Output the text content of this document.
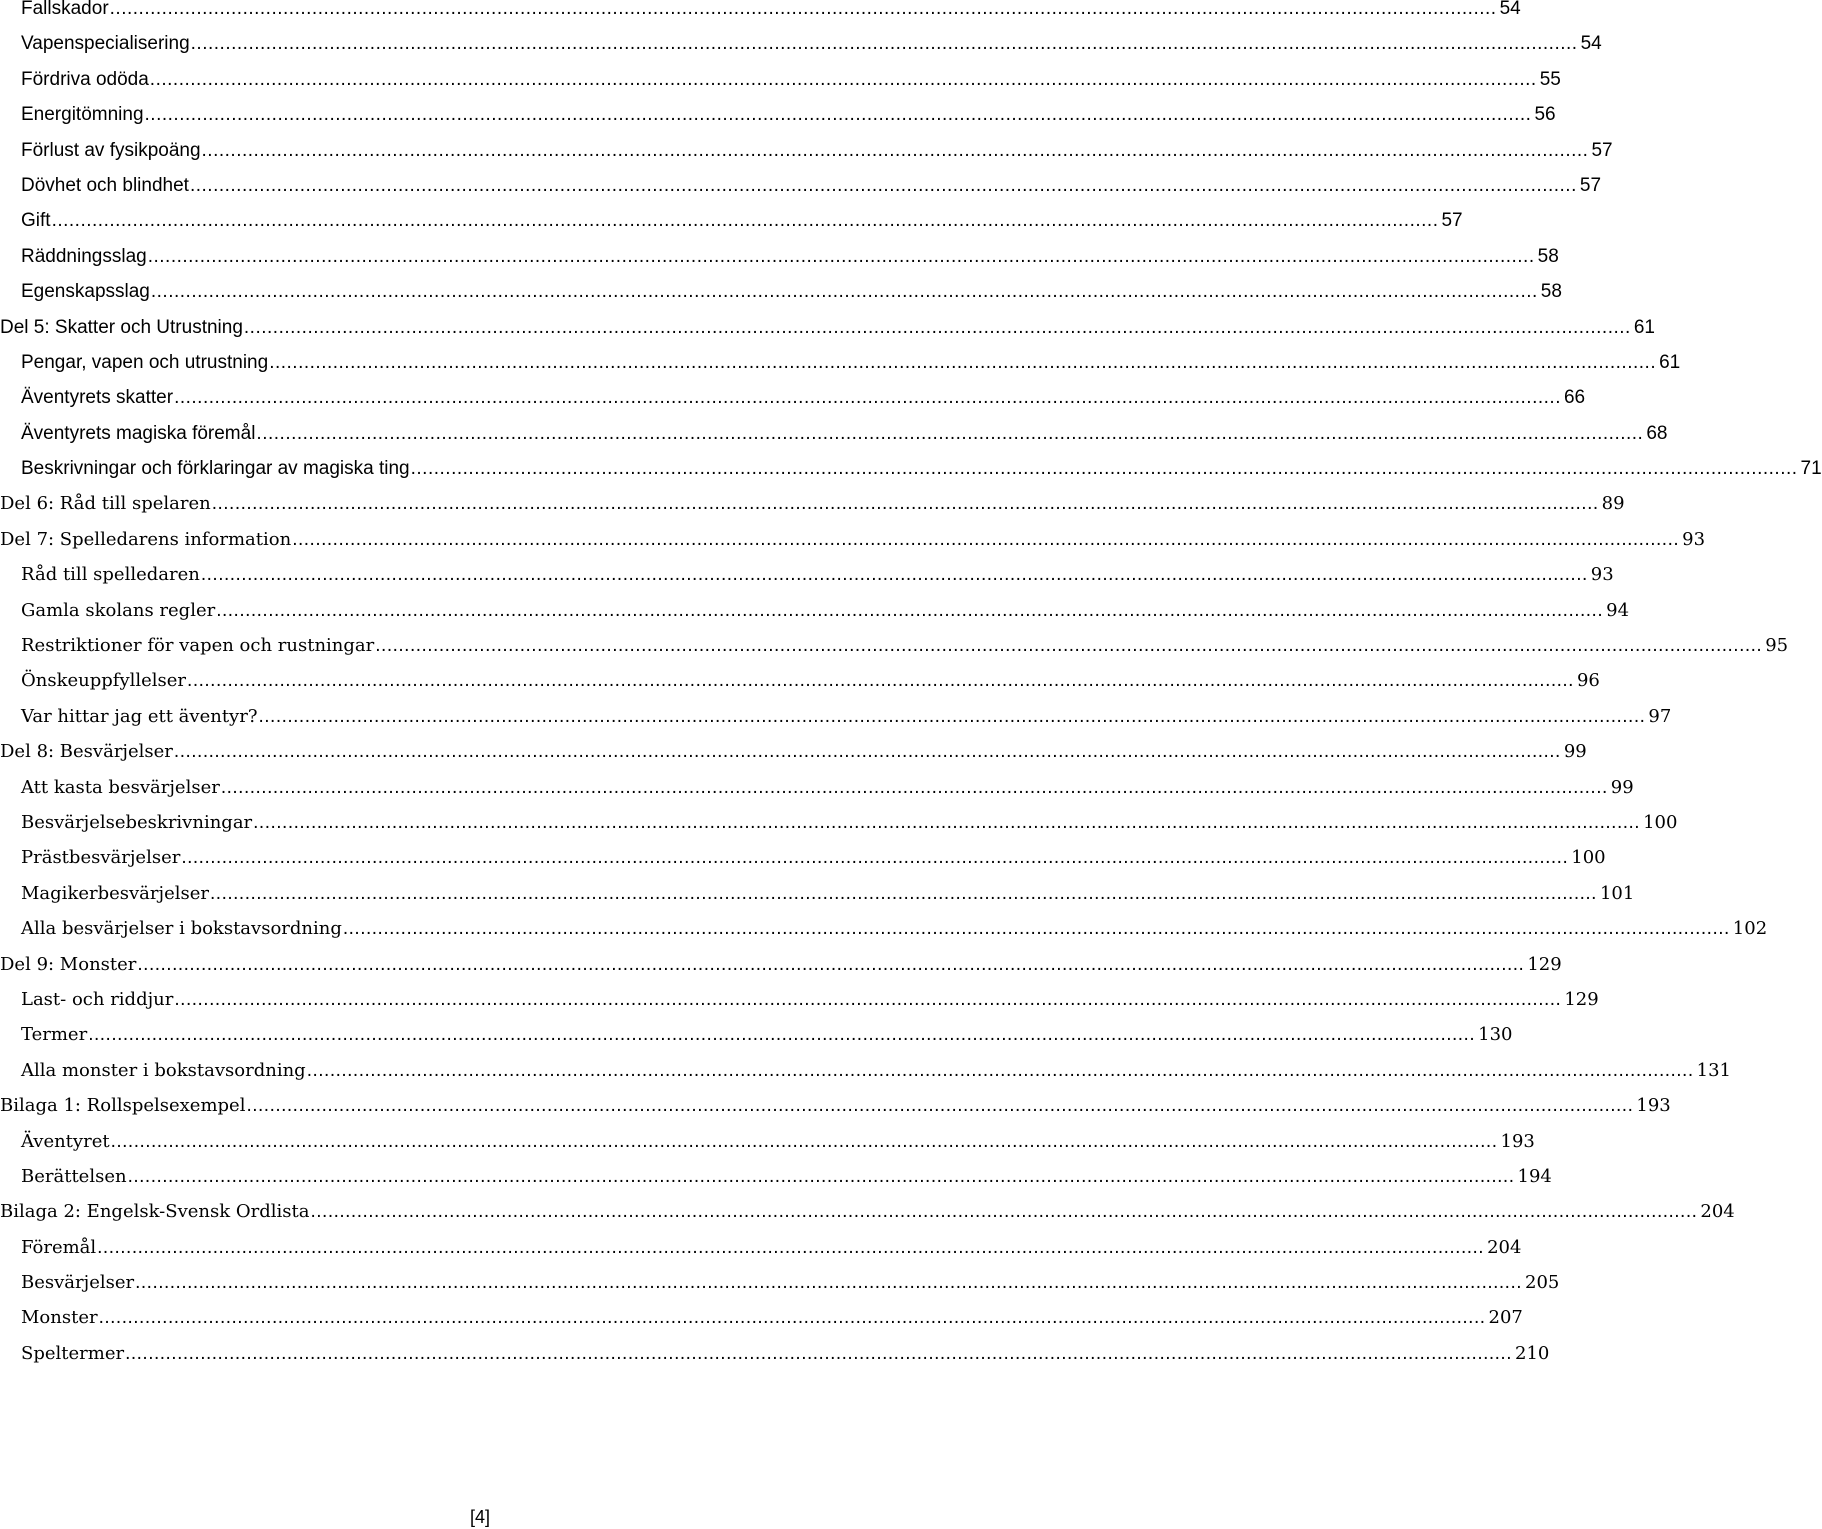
Fallskador ................................................................................................................................................................................................................................................ 54
Vapenspecialisering ................................................................................................................................................................................................................................................ 54
Fördriva odöda ................................................................................................................................................................................................................................................ 55
Energitömning ................................................................................................................................................................................................................................................ 56
Förlust av fysikpoäng ................................................................................................................................................................................................................................................ 57
Dövhet och blindhet ................................................................................................................................................................................................................................................ 57
Gift ................................................................................................................................................................................................................................................ 57
Räddningsslag ................................................................................................................................................................................................................................................ 58
Egenskapsslag ................................................................................................................................................................................................................................................ 58
Del 5: Skatter och Utrustning ................................................................................................................................................................................................................................................ 61
Pengar, vapen och utrustning ................................................................................................................................................................................................................................................ 61
Äventyrets skatter ................................................................................................................................................................................................................................................ 66
Äventyrets magiska föremål ................................................................................................................................................................................................................................................ 68
Beskrivningar och förklaringar av magiska ting ................................................................................................................................................................................................................................................ 71
Del 6: Råd till spelaren ................................................................................................................................................................................................................................................ 89
Del 7: Spelledarens information ................................................................................................................................................................................................................................................ 93
Råd till spelledaren ................................................................................................................................................................................................................................................ 93
Gamla skolans regler ................................................................................................................................................................................................................................................ 94
Restriktioner för vapen och rustningar ................................................................................................................................................................................................................................................ 95
Önskeuppfyllelser ................................................................................................................................................................................................................................................ 96
Var hittar jag ett äventyr? ................................................................................................................................................................................................................................................ 97
Del 8: Besvärjelser ................................................................................................................................................................................................................................................ 99
Att kasta besvärjelser ................................................................................................................................................................................................................................................ 99
Besvärjelsebeskrivningar ................................................................................................................................................................................................................................................ 100
Prästbesvärjelser ................................................................................................................................................................................................................................................ 100
Magikerbesvärjelser ................................................................................................................................................................................................................................................ 101
Alla besvärjelser i bokstavsordning ................................................................................................................................................................................................................................................ 102
Del 9: Monster ................................................................................................................................................................................................................................................ 129
Last- och riddjur ................................................................................................................................................................................................................................................ 129
Termer ................................................................................................................................................................................................................................................ 130
Alla monster i bokstavsordning ................................................................................................................................................................................................................................................ 131
Bilaga 1: Rollspelsexempel ................................................................................................................................................................................................................................................ 193
Äventyret ................................................................................................................................................................................................................................................ 193
Berättelsen ................................................................................................................................................................................................................................................ 194
Bilaga 2: Engelsk-Svensk Ordlista ................................................................................................................................................................................................................................................ 204
Föremål ................................................................................................................................................................................................................................................ 204
Besvärjelser ................................................................................................................................................................................................................................................ 205
Monster ................................................................................................................................................................................................................................................ 207
Speltermer ................................................................................................................................................................................................................................................ 210
[4]
